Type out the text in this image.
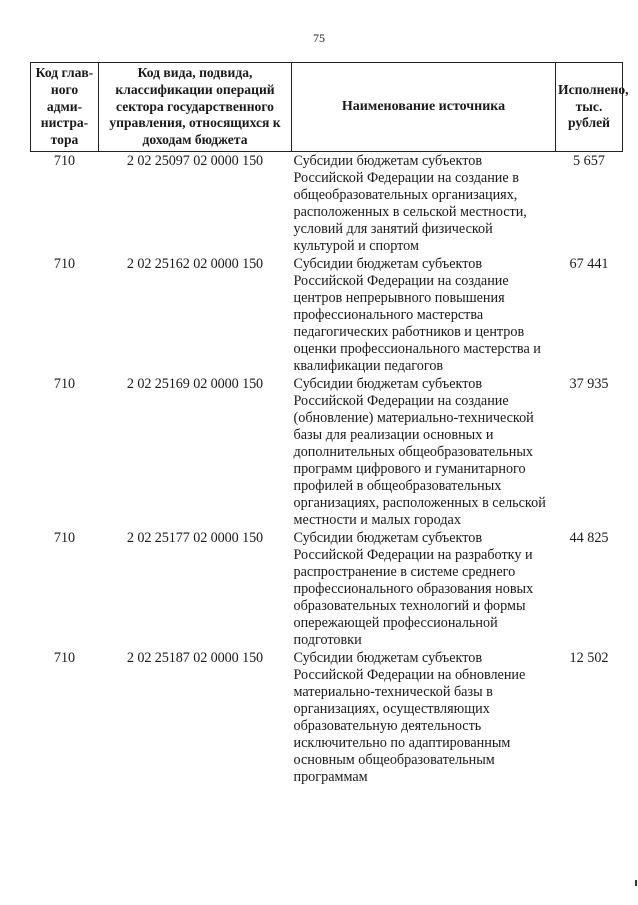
75
Код глав-ного адми-нистра-тора	Код вида, подвида, классификации операций сектора государственного управления, относящихся к доходам бюджета	Наименование источника	Исполнено, тыс. рублей
710	2 02 25097 02 0000 150	Субсидии бюджетам субъектов Российской Федерации на создание в общеобразовательных организациях, расположенных в сельской местности, условий для занятий физической культурой и спортом	5 657
710	2 02 25162 02 0000 150	Субсидии бюджетам субъектов Российской Федерации на создание центров непрерывного повышения профессионального мастерства педагогических работников и центров оценки профессионального мастерства и квалификации педагогов	67 441
710	2 02 25169 02 0000 150	Субсидии бюджетам субъектов Российской Федерации на создание (обновление) материально-технической базы для реализации основных и дополнительных общеобразовательных программ цифрового и гуманитарного профилей в общеобразовательных организациях, расположенных в сельской местности и малых городах	37 935
710	2 02 25177 02 0000 150	Субсидии бюджетам субъектов Российской Федерации на разработку и распространение в системе среднего профессионального образования новых образовательных технологий и формы опережающей профессиональной подготовки	44 825
710	2 02 25187 02 0000 150	Субсидии бюджетам субъектов Российской Федерации на обновление материально-технической базы в организациях, осуществляющих образовательную деятельность исключительно по адаптированным основным общеобразовательным программам	12 502
